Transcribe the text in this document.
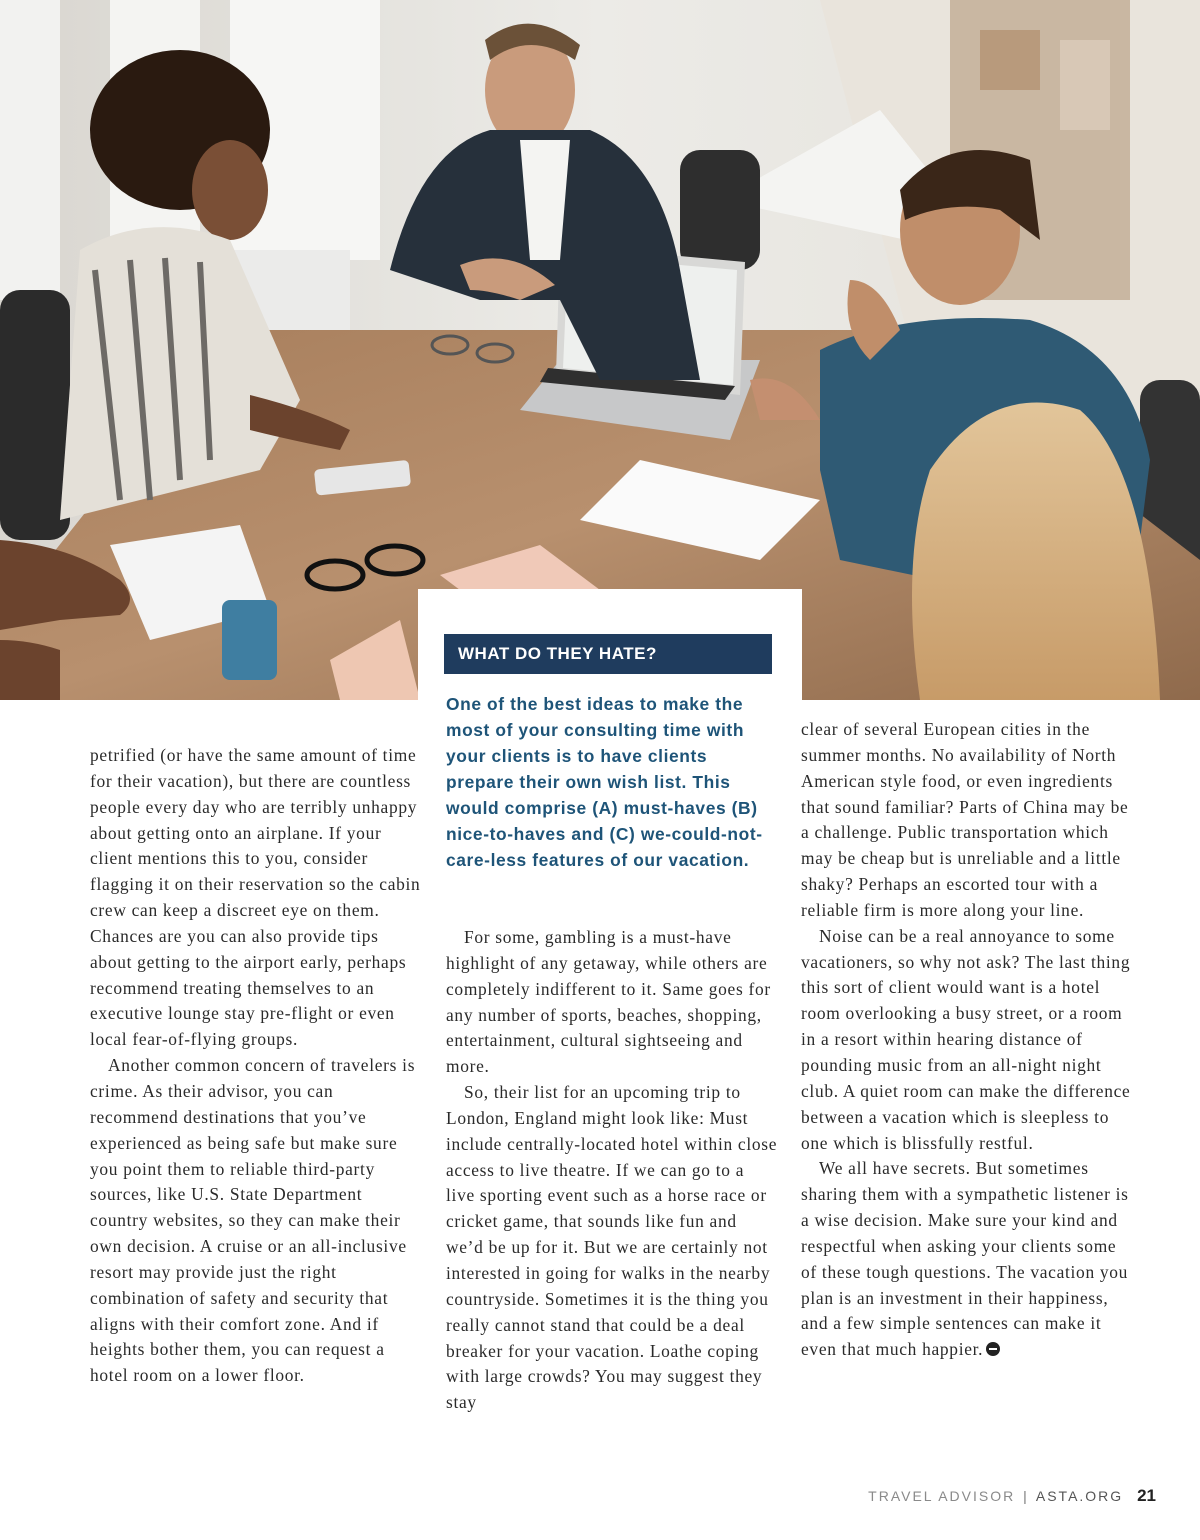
WHAT DO THEY HATE?
One of the best ideas to make the most of your consulting time with your clients is to have clients prepare their own wish list. This would comprise (A) must-haves (B) nice-to-haves and (C) we-could-not-care-less features of our vacation.

petrified (or have the same amount of time for their vacation), but there are countless people every day who are terribly unhappy about getting onto an airplane. If your client mentions this to you, consider flagging it on their reservation so the cabin crew can keep a discreet eye on them. Chances are you can also provide tips about getting to the airport early, perhaps recommend treating themselves to an executive lounge stay pre-flight or even local fear-of-flying groups.

Another common concern of travelers is crime. As their advisor, you can recommend destinations that you’ve experienced as being safe but make sure you point them to reliable third-party sources, like U.S. State Department country websites, so they can make their own decision. A cruise or an all-inclusive resort may provide just the right combination of safety and security that aligns with their comfort zone. And if heights bother them, you can request a hotel room on a lower floor.

For some, gambling is a must-have highlight of any getaway, while others are completely indifferent to it. Same goes for any number of sports, beaches, shopping, entertainment, cultural sightseeing and more.

So, their list for an upcoming trip to London, England might look like: Must include centrally-located hotel within close access to live theatre. If we can go to a live sporting event such as a horse race or cricket game, that sounds like fun and we’d be up for it. But we are certainly not interested in going for walks in the nearby countryside. Sometimes it is the thing you really cannot stand that could be a deal breaker for your vacation. Loathe coping with large crowds? You may suggest they stay

clear of several European cities in the summer months. No availability of North American style food, or even ingredients that sound familiar? Parts of China may be a challenge. Public transportation which may be cheap but is unreliable and a little shaky? Perhaps an escorted tour with a reliable firm is more along your line.

Noise can be a real annoyance to some vacationers, so why not ask? The last thing this sort of client would want is a hotel room overlooking a busy street, or a room in a resort within hearing distance of pounding music from an all-night night club. A quiet room can make the difference between a vacation which is sleepless to one which is blissfully restful.

We all have secrets. But sometimes sharing them with a sympathetic listener is a wise decision. Make sure your kind and respectful when asking your clients some of these tough questions. The vacation you plan is an investment in their happiness, and a few simple sentences can make it even that much happier.

TRAVEL ADVISOR | ASTA.ORG 21
